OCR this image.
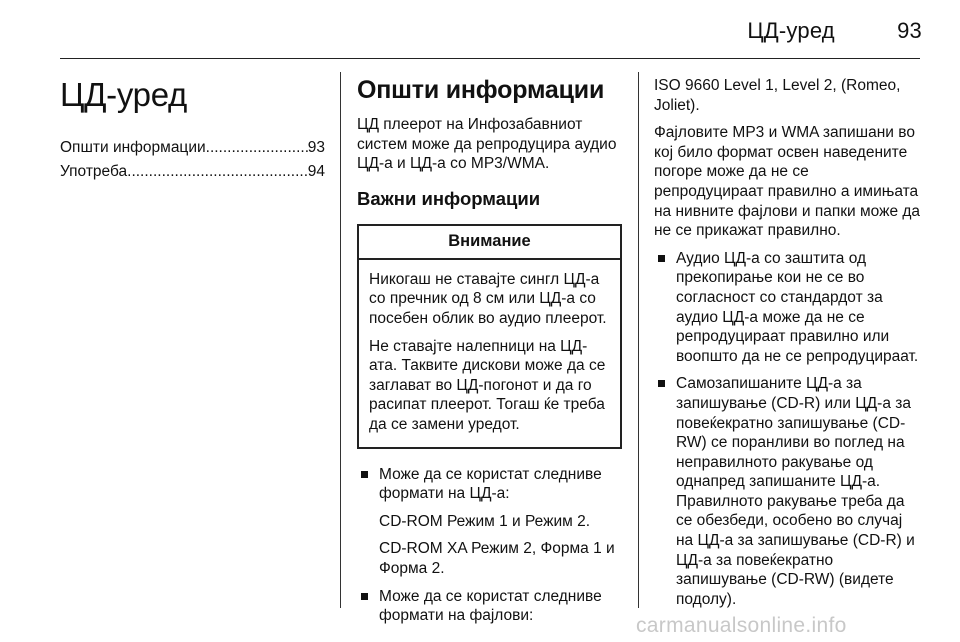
ЦД-уред	93
ЦД-уред
Општи информации .....	93
Употреба .....	94
Општи информации

ЦД плеерот на Инфозабавниот систем може да репродуцира аудио ЦД-а и ЦД-а со MP3/WMA.

Важни информации
Внимание

Никогаш не ставајте сингл ЦД-а со пречник од 8 см или ЦД-а со посебен облик во аудио плеерот.

Не ставајте налепници на ЦД-ата. Таквите дискови може да се заглават во ЦД-погонот и да го расипат плеерот. Тогаш ќе треба да се замени уредот.

Може да се користат следниве формати на ЦД-а:

CD-ROM Режим 1 и Режим 2.

CD-ROM XA Режим 2, Форма 1 и Форма 2.

Може да се користат следниве формати на фајлови:

ISO 9660 Level 1, Level 2, (Romeo, Joliet).

Фајловите MP3 и WMA запишани во кој било формат освен наведените погоре може да не се репродуцираат правилно а имињата на нивните фајлови и папки може да не се прикажат правилно.

Аудио ЦД-а со заштита од прекопирање кои не се во согласност со стандардот за аудио ЦД-а може да не се репродуцираат правилно или воопшто да не се репродуцираат.

Самозапишаните ЦД-а за запишување (CD-R) или ЦД-а за повеќекратно запишување (CD-RW) се поранливи во поглед на неправилното ракување од однапред запишаните ЦД-а. Правилното ракување треба да се обезбеди, особено во случај на ЦД-а за запишување (CD-R) и ЦД-а за повеќекратно запишување (CD-RW) (видете подолу).

carmanualsonline.info
